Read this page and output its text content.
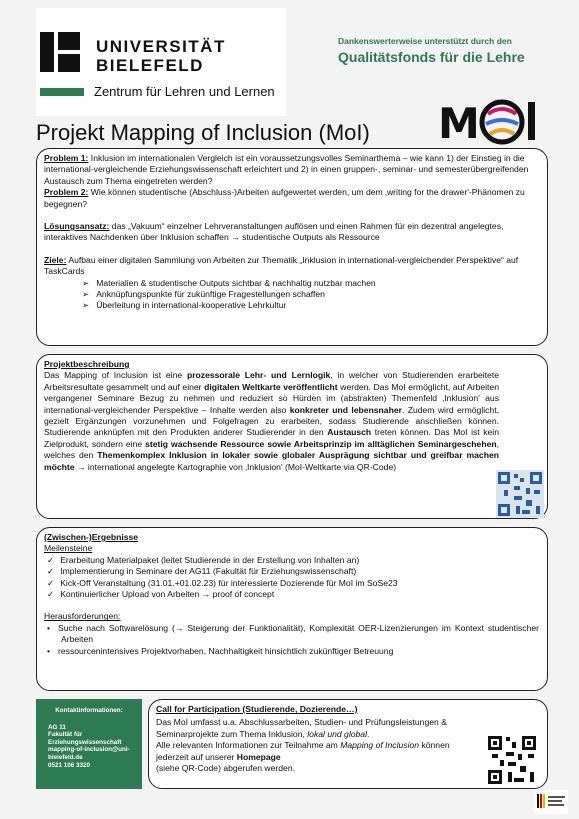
UNIVERSITÄT
BIELEFELD
Zentrum für Lehren und Lernen
Dankenswerterweise unterstützt durch den
Qualitätsfonds für die Lehre
Projekt Mapping of Inclusion (MoI) M
Problem 1: Inklusion im internationalen Vergleich ist ein voraussetzungsvolles Seminarthema – wie kann 1) der Einstieg in die international-vergleichende Erziehungswissenschaft erleichtert und 2) in einen gruppen-, seminar- und semesterübergreifenden Austausch zum Thema eingetreten werden?
Problem 2: Wie können studentische (Abschluss-)Arbeiten aufgewertet werden, um dem ‚writing for the drawer'-Phänomen zu begegnen?
Lösungsansatz: das „Vakuum“ einzelner Lehrveranstaltungen auflösen und einen Rahmen für ein dezentral angelegtes, interaktives Nachdenken über Inklusion schaffen → studentische Outputs als Ressource
Ziele: Aufbau einer digitalen Sammlung von Arbeiten zur Thematik „Inklusion in international-vergleichender Perspektive“ auf TaskCards
➢ Materialien & studentische Outputs sichtbar & nachhaltig nutzbar machen
➢ Anknüpfungspunkte für zukünftige Fragestellungen schaffen
➢ Überleitung in international-kooperative Lehrkultur
Projektbeschreibung
Das Mapping of Inclusion ist eine prozessorale Lehr- und Lernlogik, in welcher von Studierenden erarbeitete Arbeitsresultate gesammelt und auf einer digitalen Weltkarte veröffentlicht werden. Das MoI ermöglicht, auf Arbeiten vergangener Seminare Bezug zu nehmen und reduziert so Hürden im (abstrakten) Themenfeld ‚Inklusion' aus international-vergleichender Perspektive – Inhalte werden also konkreter und lebensnaher. Zudem wird ermöglicht, gezielt Ergänzungen vorzunehmen und Folgefragen zu erarbeiten, sodass Studierende anschließen können. Studierende anknüpfen mit den Produkten anderer Studierender in den Austausch treten können. Das MoI ist kein Zielprodukt, sondern eine stetig wachsende Ressource sowie Arbeitsprinzip im alltäglichen Seminargeschehen, welches den Themenkomplex Inklusion in lokaler sowie globaler Ausprägung sichtbar und greifbar machen möchte → international angelegte Kartographie von ‚Inklusion' (MoI-Weltkarte via QR-Code)
(Zwischen-)Ergebnisse
Meilensteine
✓ Erarbeitung Materialpaket (leitet Studierende in der Erstellung von Inhalten an)
✓ Implementierung in Seminare der AG11 (Fakultät für Erziehungswissenschaft)
✓ Kick-Off Veranstaltung (31.01.+01.02.23) für interessierte Dozierende für MoI im SoSe23
✓ Kontinuierlicher Upload von Arbeiten → proof of concept
Herausforderungen:
• Suche nach Softwarelösung (→ Steigerung der Funktionalität), Komplexität OER-Lizenzierungen im Kontext studentischer Arbeiten
• ressourcenintensives Projektvorhaben, Nachhaltigkeit hinsichtlich zukünftiger Betreuung
Kontaktinformationen:
AG 11
Fakultät für
Erziehungswissenschaft
mapping-of-inclusion@uni-
bielefeld.de
0521 106 3320
Call for Participation (Studierende, Dozierende…)
Das MoI umfasst u.a. Abschlussarbeiten, Studien- und Prüfungsleistungen & Seminarprojekte zum Thema Inklusion, lokal und global.
Alle relevanten Informationen zur Teilnahme am Mapping of Inclusion können jederzeit auf unserer Homepage
(siehe QR-Code) abgerufen werden.
